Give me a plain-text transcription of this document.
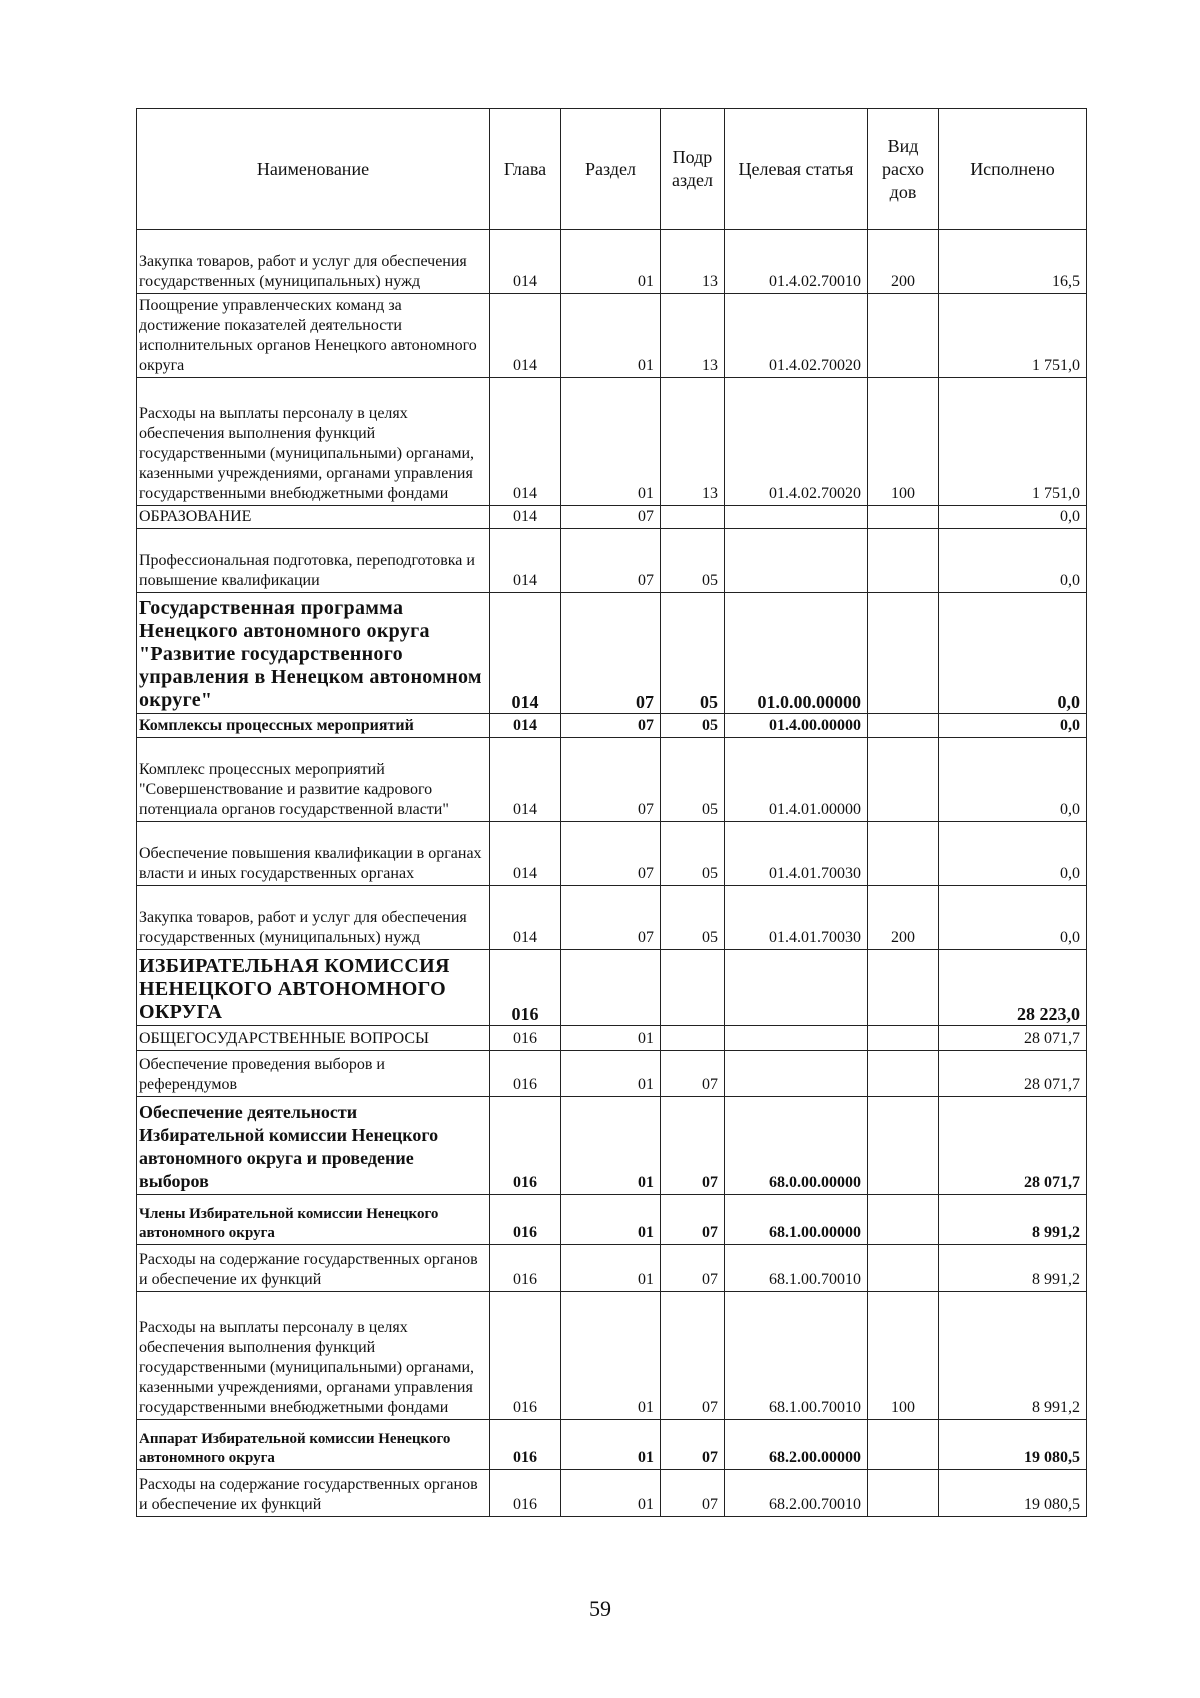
Наименование	Глава	Раздел	Подр аздел	Целевая статья	Вид расхо дов	Исполнено
Закупка товаров, работ и услуг для обеспечения государственных (муниципальных) нужд	014	01	13	01.4.02.70010	200	16,5
Поощрение управленческих команд за достижение показателей деятельности исполнительных органов Ненецкого автономного округа	014	01	13	01.4.02.70020		1 751,0
Расходы на выплаты персоналу в целях обеспечения выполнения функций государственными (муниципальными) органами, казенными учреждениями, органами управления государственными внебюджетными фондами	014	01	13	01.4.02.70020	100	1 751,0
ОБРАЗОВАНИЕ	014	07				0,0
Профессиональная подготовка, переподготовка и повышение квалификации	014	07	05			0,0
Государственная программа Ненецкого автономного округа "Развитие государственного управления в Ненецком автономном округе"	014	07	05	01.0.00.00000		0,0
Комплексы процессных мероприятий	014	07	05	01.4.00.00000		0,0
Комплекс процессных мероприятий "Совершенствование и развитие кадрового потенциала органов государственной власти"	014	07	05	01.4.01.00000		0,0
Обеспечение повышения квалификации в органах власти и иных государственных органах	014	07	05	01.4.01.70030		0,0
Закупка товаров, работ и услуг для обеспечения государственных (муниципальных) нужд	014	07	05	01.4.01.70030	200	0,0
ИЗБИРАТЕЛЬНАЯ КОМИССИЯ НЕНЕЦКОГО АВТОНОМНОГО ОКРУГА	016					28 223,0
ОБЩЕГОСУДАРСТВЕННЫЕ ВОПРОСЫ	016	01				28 071,7
Обеспечение проведения выборов и референдумов	016	01	07			28 071,7
Обеспечение деятельности Избирательной комиссии Ненецкого автономного округа и проведение выборов	016	01	07	68.0.00.00000		28 071,7
Члены Избирательной комиссии Ненецкого автономного округа	016	01	07	68.1.00.00000		8 991,2
Расходы на содержание государственных органов и обеспечение их функций	016	01	07	68.1.00.70010		8 991,2
Расходы на выплаты персоналу в целях обеспечения выполнения функций государственными (муниципальными) органами, казенными учреждениями, органами управления государственными внебюджетными фондами	016	01	07	68.1.00.70010	100	8 991,2
Аппарат Избирательной комиссии Ненецкого автономного округа	016	01	07	68.2.00.00000		19 080,5
Расходы на содержание государственных органов и обеспечение их функций	016	01	07	68.2.00.70010		19 080,5
59
